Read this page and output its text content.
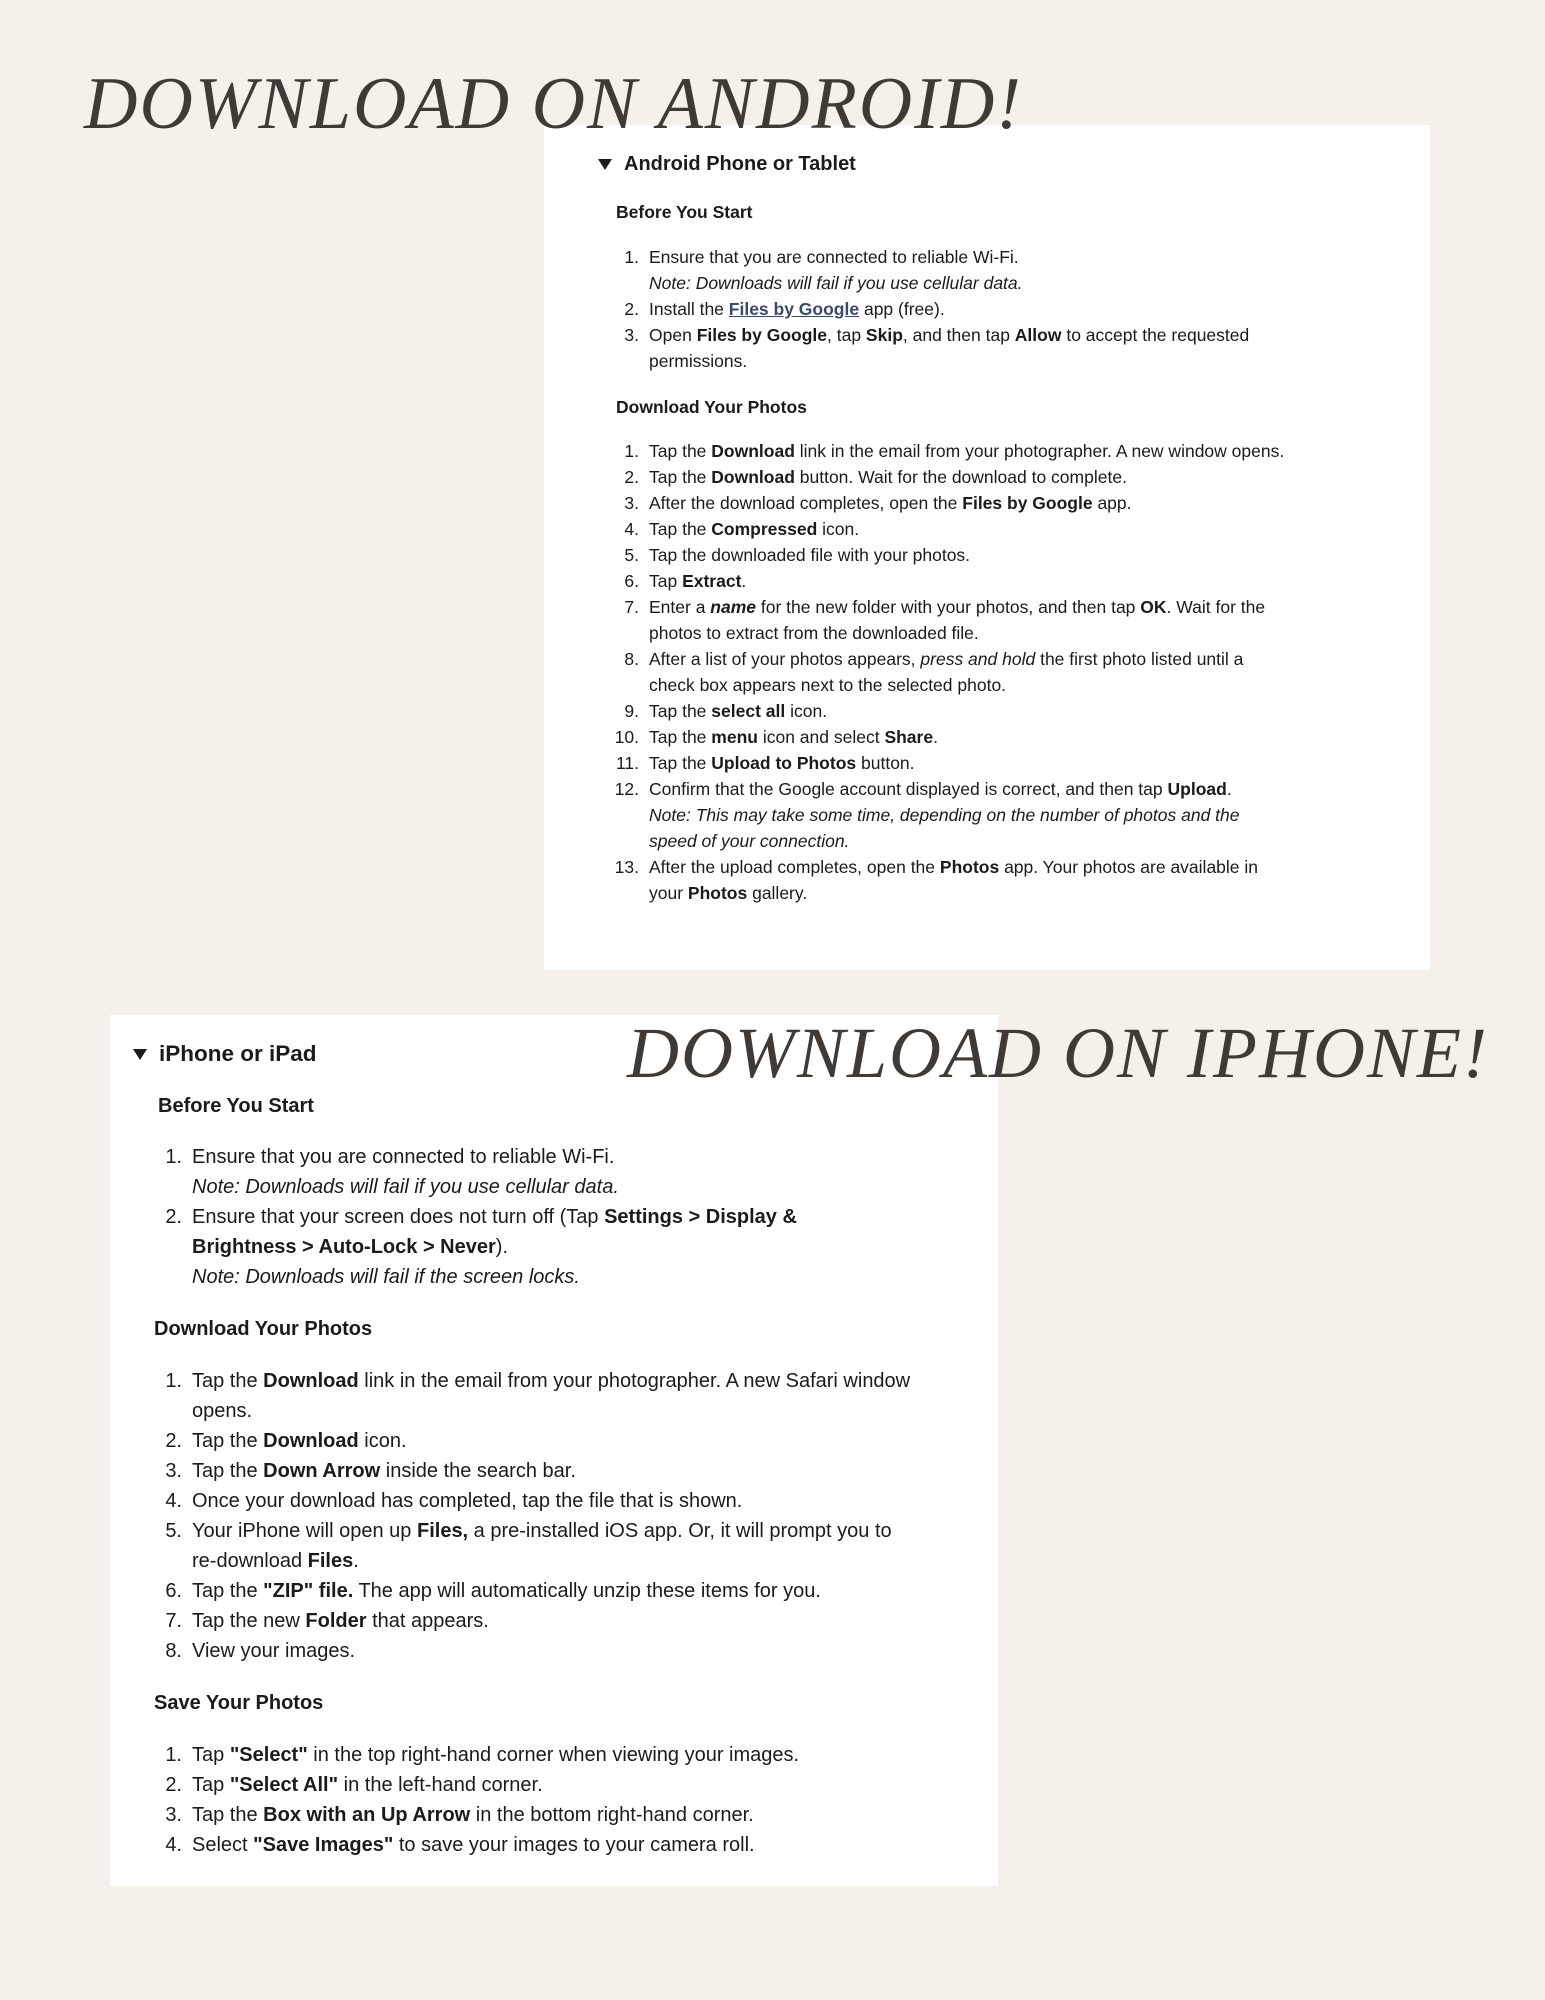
DOWNLOAD ON ANDROID!
DOWNLOAD ON IPHONE!
Android Phone or Tablet
Before You Start
1. Ensure that you are connected to reliable Wi-Fi.
Note: Downloads will fail if you use cellular data.
2. Install the Files by Google app (free).
3. Open Files by Google, tap Skip, and then tap Allow to accept the requested permissions.
Download Your Photos
1. Tap the Download link in the email from your photographer. A new window opens.
2. Tap the Download button. Wait for the download to complete.
3. After the download completes, open the Files by Google app.
4. Tap the Compressed icon.
5. Tap the downloaded file with your photos.
6. Tap Extract.
7. Enter a name for the new folder with your photos, and then tap OK. Wait for the photos to extract from the downloaded file.
8. After a list of your photos appears, press and hold the first photo listed until a check box appears next to the selected photo.
9. Tap the select all icon.
10. Tap the menu icon and select Share.
11. Tap the Upload to Photos button.
12. Confirm that the Google account displayed is correct, and then tap Upload.
Note: This may take some time, depending on the number of photos and the speed of your connection.
13. After the upload completes, open the Photos app. Your photos are available in your Photos gallery.
iPhone or iPad
Before You Start
1. Ensure that you are connected to reliable Wi-Fi.
Note: Downloads will fail if you use cellular data.
2. Ensure that your screen does not turn off (Tap Settings > Display & Brightness > Auto-Lock > Never).
Note: Downloads will fail if the screen locks.
Download Your Photos
1. Tap the Download link in the email from your photographer. A new Safari window opens.
2. Tap the Download icon.
3. Tap the Down Arrow inside the search bar.
4. Once your download has completed, tap the file that is shown.
5. Your iPhone will open up Files, a pre-installed iOS app. Or, it will prompt you to re-download Files.
6. Tap the "ZIP" file. The app will automatically unzip these items for you.
7. Tap the new Folder that appears.
8. View your images.
Save Your Photos
1. Tap "Select" in the top right-hand corner when viewing your images.
2. Tap "Select All" in the left-hand corner.
3. Tap the Box with an Up Arrow in the bottom right-hand corner.
4. Select "Save Images" to save your images to your camera roll.
